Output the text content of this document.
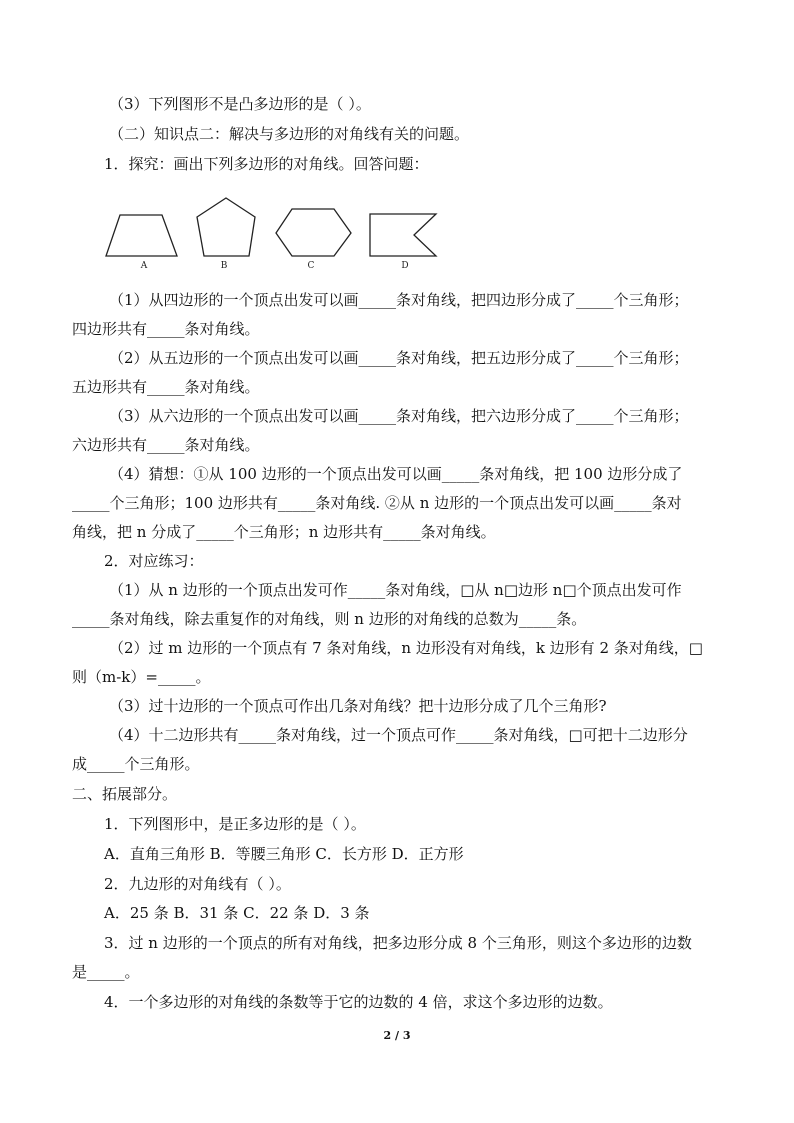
（3）下列图形不是凸多边形的是（ ）。
（二）知识点二：解决与多边形的对角线有关的问题。
1．探究：画出下列多边形的对角线。回答问题：
（1）从四边形的一个顶点出发可以画_____条对角线，把四边形分成了_____个三角形；
四边形共有_____条对角线。
（2）从五边形的一个顶点出发可以画_____条对角线，把五边形分成了_____个三角形；
五边形共有_____条对角线。
（3）从六边形的一个顶点出发可以画_____条对角线，把六边形分成了_____个三角形；
六边形共有_____条对角线。
（4）猜想：①从 100 边形的一个顶点出发可以画_____条对角线，把 100 边形分成了
_____个三角形；100 边形共有_____条对角线. ②从 n 边形的一个顶点出发可以画_____条对
角线，把 n 分成了_____个三角形；n 边形共有_____条对角线。
2．对应练习：
（1）从 n 边形的一个顶点出发可作_____条对角线，□从 n□边形 n□个顶点出发可作
_____条对角线，除去重复作的对角线，则 n 边形的对角线的总数为_____条。
（2）过 m 边形的一个顶点有 7 条对角线，n 边形没有对角线，k 边形有 2 条对角线，□
则（m-k）=_____。
（3）过十边形的一个顶点可作出几条对角线？把十边形分成了几个三角形?
（4）十二边形共有_____条对角线，过一个顶点可作_____条对角线，□可把十二边形分
成_____个三角形。
二、拓展部分。
1．下列图形中，是正多边形的是（ ）。
A．直角三角形 B．等腰三角形 C．长方形 D．正方形
2．九边形的对角线有（ ）。
A．25 条 B．31 条 C．22 条 D．3 条
3．过 n 边形的一个顶点的所有对角线，把多边形分成 8 个三角形，则这个多边形的边数
是_____。
4．一个多边形的对角线的条数等于它的边数的 4 倍，求这个多边形的边数。
A	B	C	D
2 / 3
